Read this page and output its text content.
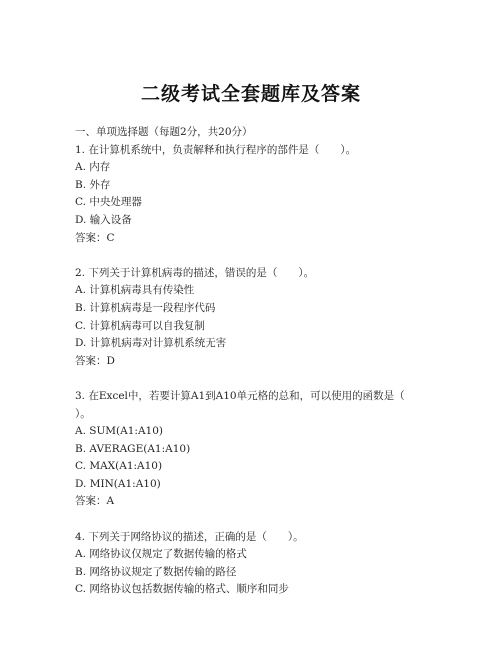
二级考试全套题库及答案

一、单项选择题（每题2分，共20分）

1. 在计算机系统中，负责解释和执行程序的部件是（　　）。

A. 内存

B. 外存

C. 中央处理器

D. 输入设备

答案：C

2. 下列关于计算机病毒的描述，错误的是（　　）。

A. 计算机病毒具有传染性

B. 计算机病毒是一段程序代码

C. 计算机病毒可以自我复制

D. 计算机病毒对计算机系统无害

答案：D

3. 在Excel中，若要计算A1到A10单元格的总和，可以使用的函数是（　　）。

A. SUM(A1:A10)

B. AVERAGE(A1:A10)

C. MAX(A1:A10)

D. MIN(A1:A10)

答案：A

4. 下列关于网络协议的描述，正确的是（　　）。

A. 网络协议仅规定了数据传输的格式

B. 网络协议规定了数据传输的路径

C. 网络协议包括数据传输的格式、顺序和同步
